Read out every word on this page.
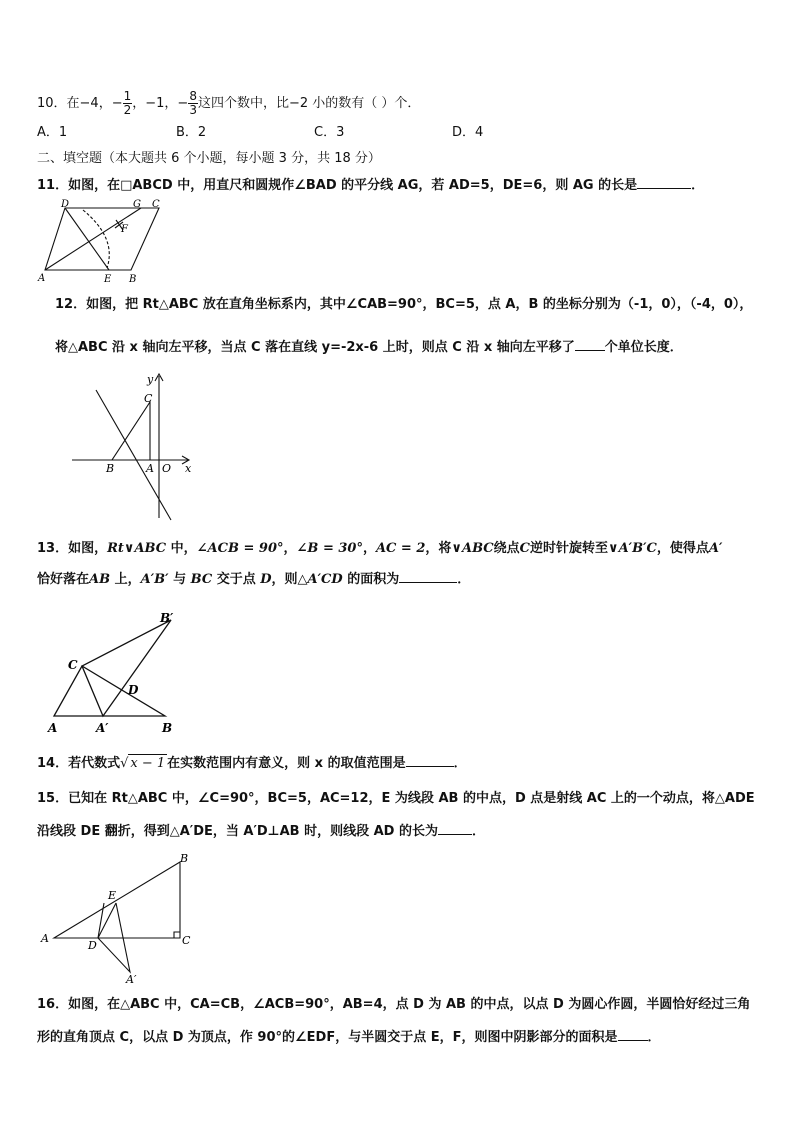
10．在−4，− $\frac{1}{2}$ ，−1，− $\frac{8}{3}$ 这四个数中，比−2 小的数有（ ）个．
A．1	B．2	C．3	D．4
二、填空题（本大题共 6 个小题，每小题 3 分，共 18 分）
11．如图，在□ABCD 中，用直尺和圆规作∠BAD 的平分线 AG，若 AD=5，DE=6，则 AG 的长是	．
D	G C
F
A	E B
12．如图，把 Rt△ABC 放在直角坐标系内，其中∠CAB=90°，BC=5，点 A，B 的坐标分别为（-1，0），（-4，0），
将△ABC 沿 x 轴向左平移，当点 C 落在直线 y=-2x-6 上时，则点 C 沿 x 轴向左平移了 个单位长度．
y
C
B	A O x
13．如图，Rt∨ABC 中，∠ACB = 90°，∠B = 30°，AC = 2，将∨ABC绕点C逆时针旋转至∨A′B′C，使得点A′
恰好落在AB 上，A′B′ 与 BC 交于点 D，则△A′CD 的面积为	．
B′
C
D
A	A′	B
14．若代数式√ x − 1 在实数范围内有意义，则 x 的取值范围是	．
15．已知在 Rt△ABC 中，∠C=90°，BC=5，AC=12，E 为线段 AB 的中点，D 点是射线 AC 上的一个动点，将△ADE
沿线段 DE 翻折，得到△A′DE，当 A′D⊥AB 时，则线段 AD 的长为	．
B
E
A
D	C
A′
16．如图，在△ABC 中，CA=CB，∠ACB=90°，AB=4，点 D 为 AB 的中点，以点 D 为圆心作圆，半圆恰好经过三角
形的直角顶点 C，以点 D 为顶点，作 90°的∠EDF，与半圆交于点 E，F，则图中阴影部分的面积是 ．
